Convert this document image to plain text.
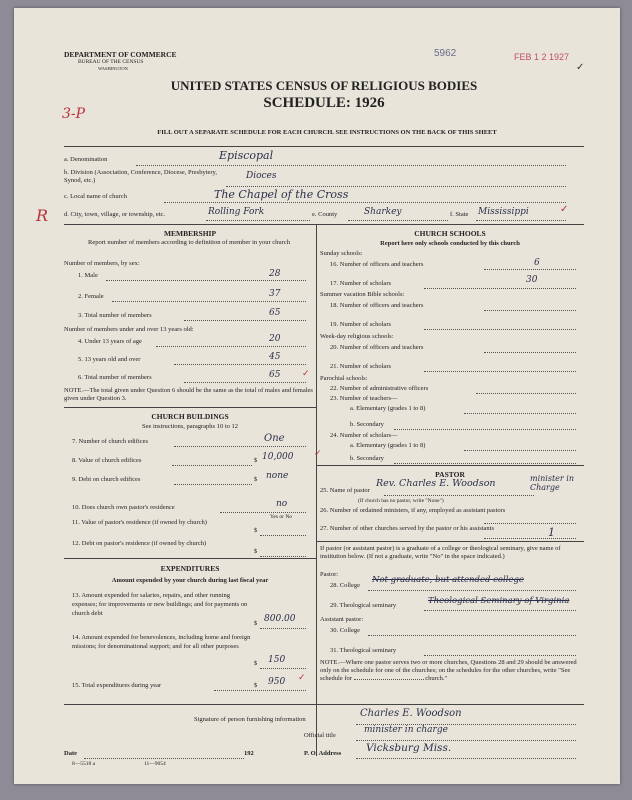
DEPARTMENT OF COMMERCE
BUREAU OF THE CENSUS
WASHINGTON
5962	FEB 1 2 1927
UNITED STATES CENSUS OF RELIGIOUS BODIES
SCHEDULE: 1926
3-P
R
FILL OUT A SEPARATE SCHEDULE FOR EACH CHURCH. SEE INSTRUCTIONS ON THE BACK OF THIS SHEET
a. Denomination	Episcopal
b. Division (Association, Conference, Diocese, Presbytery, Synod, etc.)	Dioces
c. Local name of church	The Chapel of the Cross
d. City, town, village, or township, etc.	Rolling Fork	e. County	Sharkey	f. State Mississippi
MEMBERSHIP
Report number of members according to definition of member in your church
Number of members, by sex:
1. Male	28
2. Female	37
3. Total number of members	65
Number of members under and over 13 years old:
4. Under 13 years of age	20
5. 13 years old and over	45
6. Total number of members	65
NOTE.—The total given under Question 6 should be the same as the total of males and females given under Question 3.
CHURCH BUILDINGS
See instructions, paragraphs 10 to 12
7. Number of church edifices	One
8. Value of church edifices	$ 10,000
9. Debt on church edifices	$ none
10. Does church own pastor's residence	no
Yes or No
11. Value of pastor's residence (if owned by church)
$
12. Debt on pastor's residence (if owned by church)
$
EXPENDITURES
Amount expended by your church during last fiscal year
13. Amount expended for salaries, repairs, and other running expenses; for improvements or new buildings; and for payments on church debt
$ 800.00
14. Amount expended for benevolences, including home and foreign missions; for denominational support; and for all other purposes
$ 150
15. Total expenditures during year	$ 950
CHURCH SCHOOLS
Report here only schools conducted by this church
Sunday schools:
16. Number of officers and teachers	6
17. Number of scholars	30
Summer vacation Bible schools:
18. Number of officers and teachers
19. Number of scholars
Week-day religious schools:
20. Number of officers and teachers
21. Number of scholars
Parochial schools:
22. Number of administrative officers
23. Number of teachers—
a. Elementary (grades 1 to 8)
b. Secondary
24. Number of scholars—
a. Elementary (grades 1 to 8)
b. Secondary
PASTOR
25. Name of pastor
Rev. Charles E. Woodson	minister in Charge
(If church has no pastor, write "None")
26. Number of ordained ministers, if any, employed as assistant pastors
27. Number of other churches served by the pastor or his assistants	1
If pastor (or assistant pastor) is a graduate of a college or theological seminary, give name of institution below. (If not a graduate, write "No" in the space indicated.)
Pastor:
28. College
Not graduate, but attended college
29. Theological seminary	Theological Seminary of Virginia
Assistant pastor:
30. College
31. Theological seminary
NOTE.—Where one pastor serves two or more churches, Questions 28 and 29 should be answered only on the schedule for one of the churches; on the schedules for the other churches, write "See schedule for	church."
Signature of person furnishing information
Charles E. Woodson
Official title
minister in charge
Date	192	P. O. Address Vicksburg Miss.
8—5518 a	11—9054
✓
✓
✓
✓
✓
